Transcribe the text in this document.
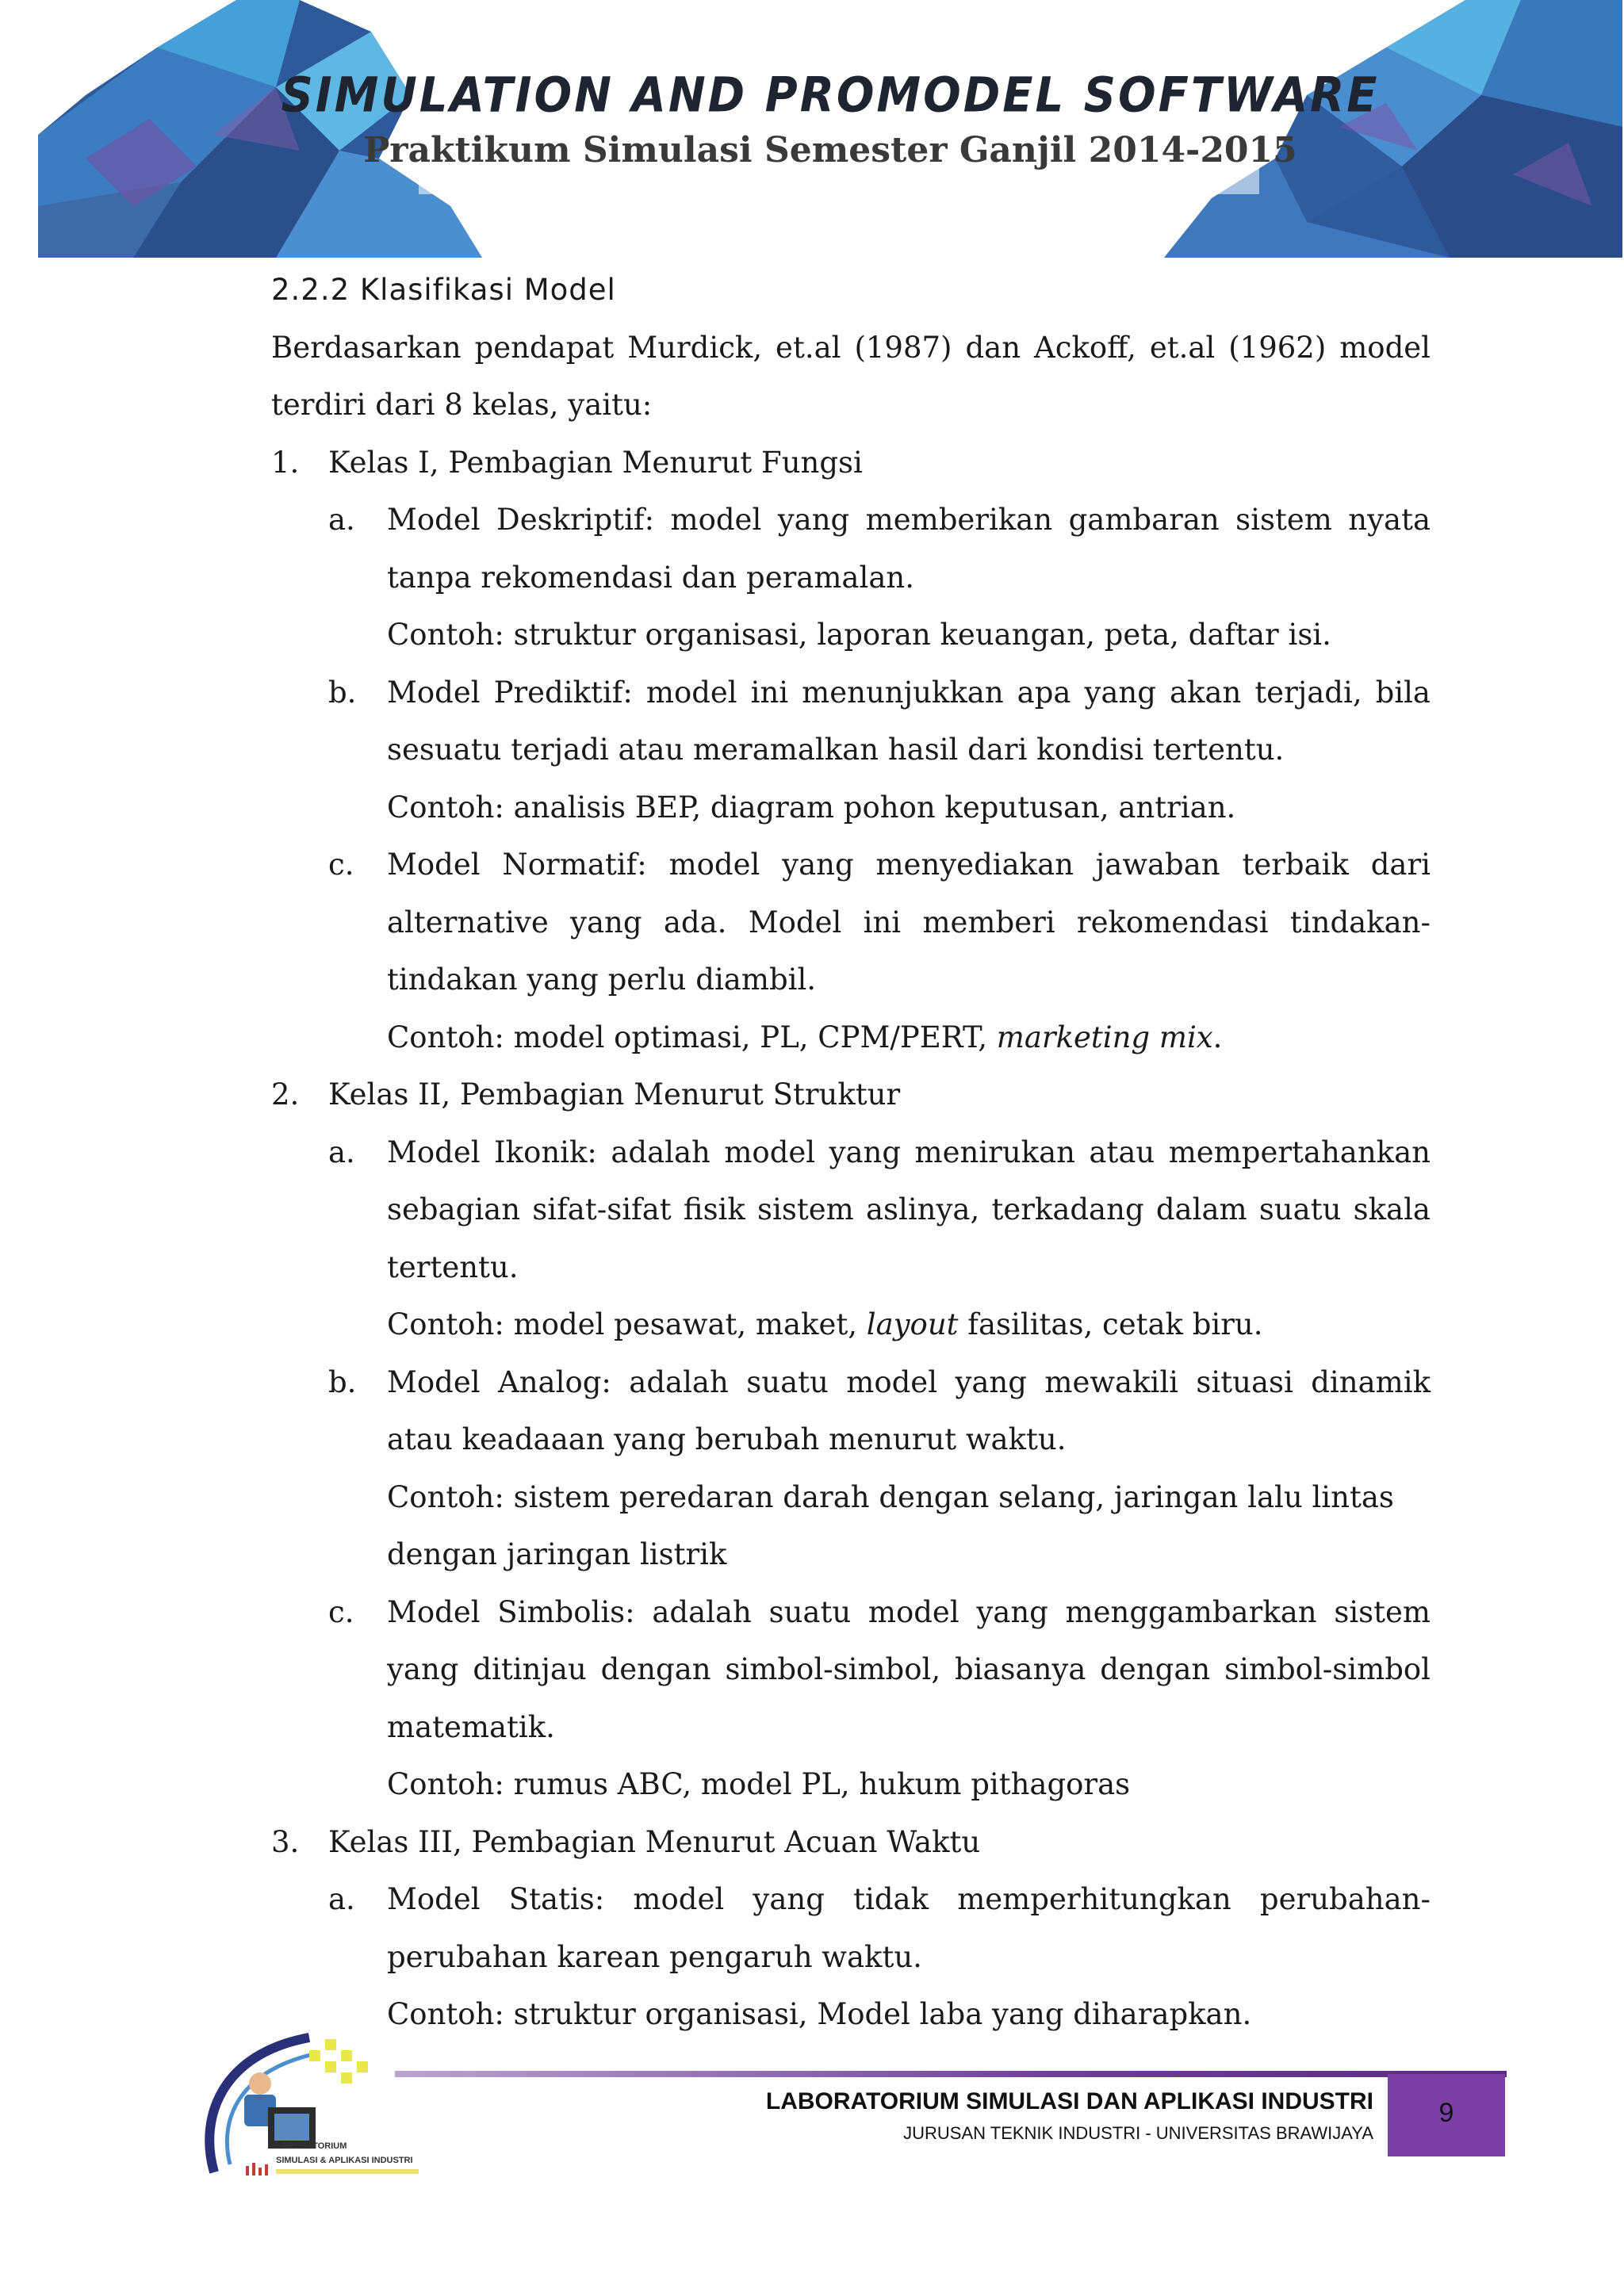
SIMULATION AND PROMODEL SOFTWARE
Praktikum Simulasi Semester Ganjil 2014-2015
2.2.2 Klasifikasi Model
Berdasarkan pendapat Murdick, et.al (1987) dan Ackoff, et.al (1962) model terdiri dari 8 kelas, yaitu:
1. Kelas I, Pembagian Menurut Fungsi
a. Model Deskriptif: model yang memberikan gambaran sistem nyata tanpa rekomendasi dan peramalan.
Contoh: struktur organisasi, laporan keuangan, peta, daftar isi.
b. Model Prediktif: model ini menunjukkan apa yang akan terjadi, bila sesuatu terjadi atau meramalkan hasil dari kondisi tertentu.
Contoh: analisis BEP, diagram pohon keputusan, antrian.
c. Model Normatif: model yang menyediakan jawaban terbaik dari alternative yang ada. Model ini memberi rekomendasi tindakan-tindakan yang perlu diambil.
Contoh: model optimasi, PL, CPM/PERT, marketing mix.
2. Kelas II, Pembagian Menurut Struktur
a. Model Ikonik: adalah model yang menirukan atau mempertahankan sebagian sifat-sifat fisik sistem aslinya, terkadang dalam suatu skala tertentu.
Contoh: model pesawat, maket, layout fasilitas, cetak biru.
b. Model Analog: adalah suatu model yang mewakili situasi dinamik atau keadaaan yang berubah menurut waktu.
Contoh: sistem peredaran darah dengan selang, jaringan lalu lintas dengan jaringan listrik
c. Model Simbolis: adalah suatu model yang menggambarkan sistem yang ditinjau dengan simbol-simbol, biasanya dengan simbol-simbol matematik.
Contoh: rumus ABC, model PL, hukum pithagoras
3. Kelas III, Pembagian Menurut Acuan Waktu
a. Model Statis: model yang tidak memperhitungkan perubahan-perubahan karean pengaruh waktu.
Contoh: struktur organisasi, Model laba yang diharapkan.
LABORATORIUM
SIMULASI & APLIKASI INDUSTRI
LABORATORIUM SIMULASI DAN APLIKASI INDUSTRI
JURUSAN TEKNIK INDUSTRI - UNIVERSITAS BRAWIJAYA
9
